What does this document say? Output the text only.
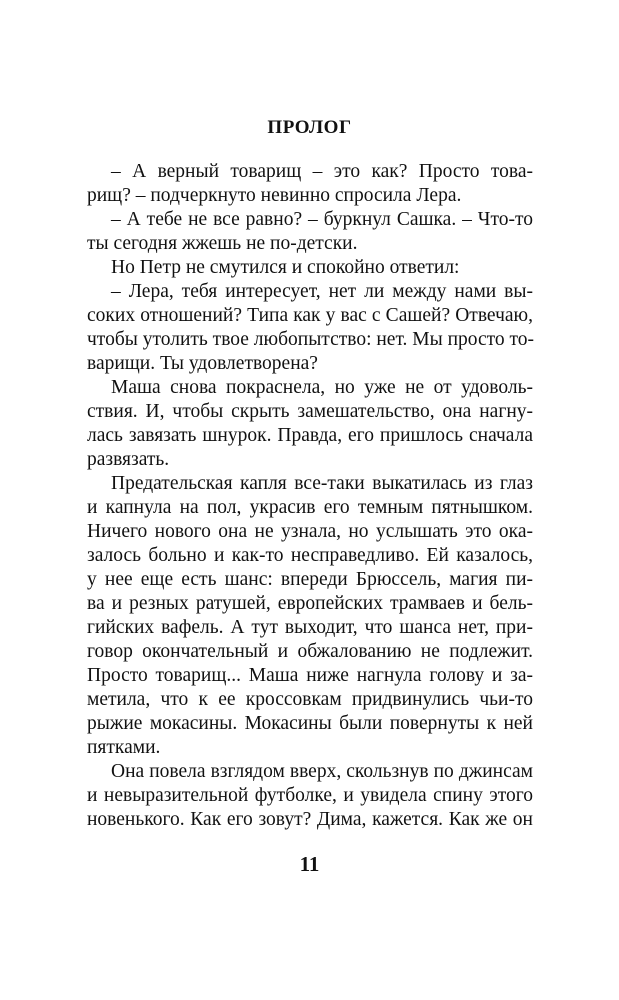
ПРОЛОГ
– А верный товарищ – это как? Просто това-
рищ? – подчеркнуто невинно спросила Лера.
– А тебе не все равно? – буркнул Сашка. – Что-то
ты сегодня жжешь не по-детски.
Но Петр не смутился и спокойно ответил:
– Лера, тебя интересует, нет ли между нами вы-
соких отношений? Типа как у вас с Сашей? Отвечаю,
чтобы утолить твое любопытство: нет. Мы просто то-
варищи. Ты удовлетворена?
Маша снова покраснела, но уже не от удоволь-
ствия. И, чтобы скрыть замешательство, она нагну-
лась завязать шнурок. Правда, его пришлось сначала
развязать.
Предательская капля все-таки выкатилась из глаз
и капнула на пол, украсив его темным пятнышком.
Ничего нового она не узнала, но услышать это ока-
залось больно и как-то несправедливо. Ей казалось,
у нее еще есть шанс: впереди Брюссель, магия пи-
ва и резных ратушей, европейских трамваев и бель-
гийских вафель. А тут выходит, что шанса нет, при-
говор окончательный и обжалованию не подлежит.
Просто товарищ... Маша ниже нагнула голову и за-
метила, что к ее кроссовкам придвинулись чьи-то
рыжие мокасины. Мокасины были повернуты к ней
пятками.
Она повела взглядом вверх, скользнув по джинсам
и невыразительной футболке, и увидела спину этого
новенького. Как его зовут? Дима, кажется. Как же он
11
